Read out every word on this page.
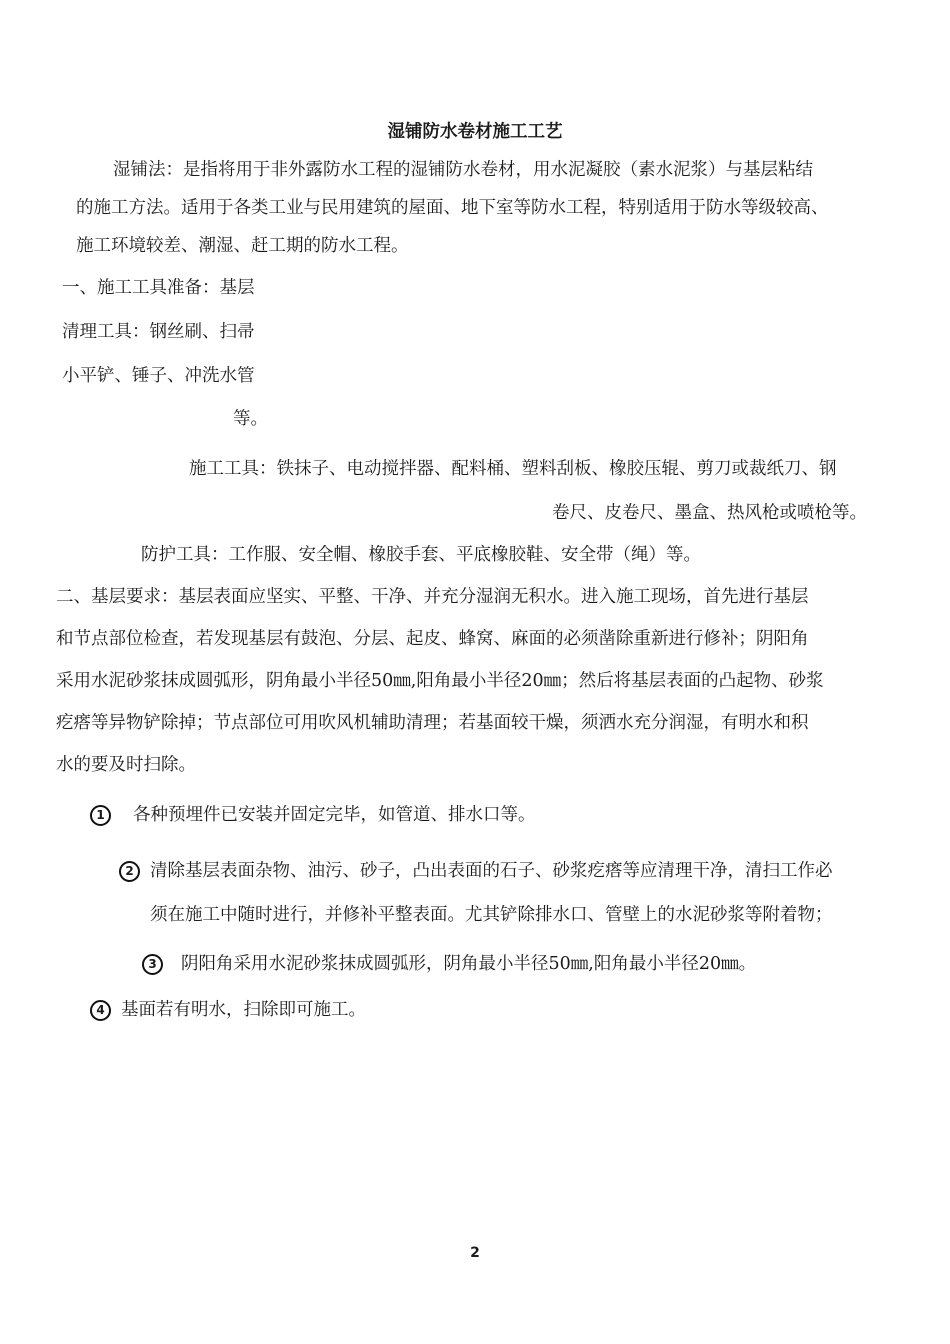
湿铺防水卷材施工工艺
湿铺法：是指将用于非外露防水工程的湿铺防水卷材，用水泥凝胶（素水泥浆）与基层粘结
的施工方法。适用于各类工业与民用建筑的屋面、地下室等防水工程，特别适用于防水等级较高、
施工环境较差、潮湿、赶工期的防水工程。
一、施工工具准备：基层
清理工具：钢丝刷、扫帚
小平铲、锤子、冲洗水管
等。
施工工具：铁抹子、电动搅拌器、配料桶、塑料刮板、橡胶压辊、剪刀或裁纸刀、钢
卷尺、皮卷尺、墨盒、热风枪或喷枪等。
防护工具：工作服、安全帽、橡胶手套、平底橡胶鞋、安全带（绳）等。
二、基层要求：基层表面应坚实、平整、干净、并充分湿润无积水。进入施工现场，首先进行基层
和节点部位检查，若发现基层有鼓泡、分层、起皮、蜂窝、麻面的必须凿除重新进行修补；阴阳角
采用水泥砂浆抹成圆弧形，阴角最小半径50㎜,阳角最小半径20㎜；然后将基层表面的凸起物、砂浆
疙瘩等异物铲除掉；节点部位可用吹风机辅助清理；若基面较干燥，须洒水充分润湿，有明水和积
水的要及时扫除。
1	各种预埋件已安装并固定完毕，如管道、排水口等。
2 清除基层表面杂物、油污、砂子，凸出表面的石子、砂浆疙瘩等应清理干净，清扫工作必
须在施工中随时进行，并修补平整表面。尤其铲除排水口、管壁上的水泥砂浆等附着物；
3	阴阳角采用水泥砂浆抹成圆弧形，阴角最小半径50㎜,阳角最小半径20㎜。
4 基面若有明水，扫除即可施工。
2
